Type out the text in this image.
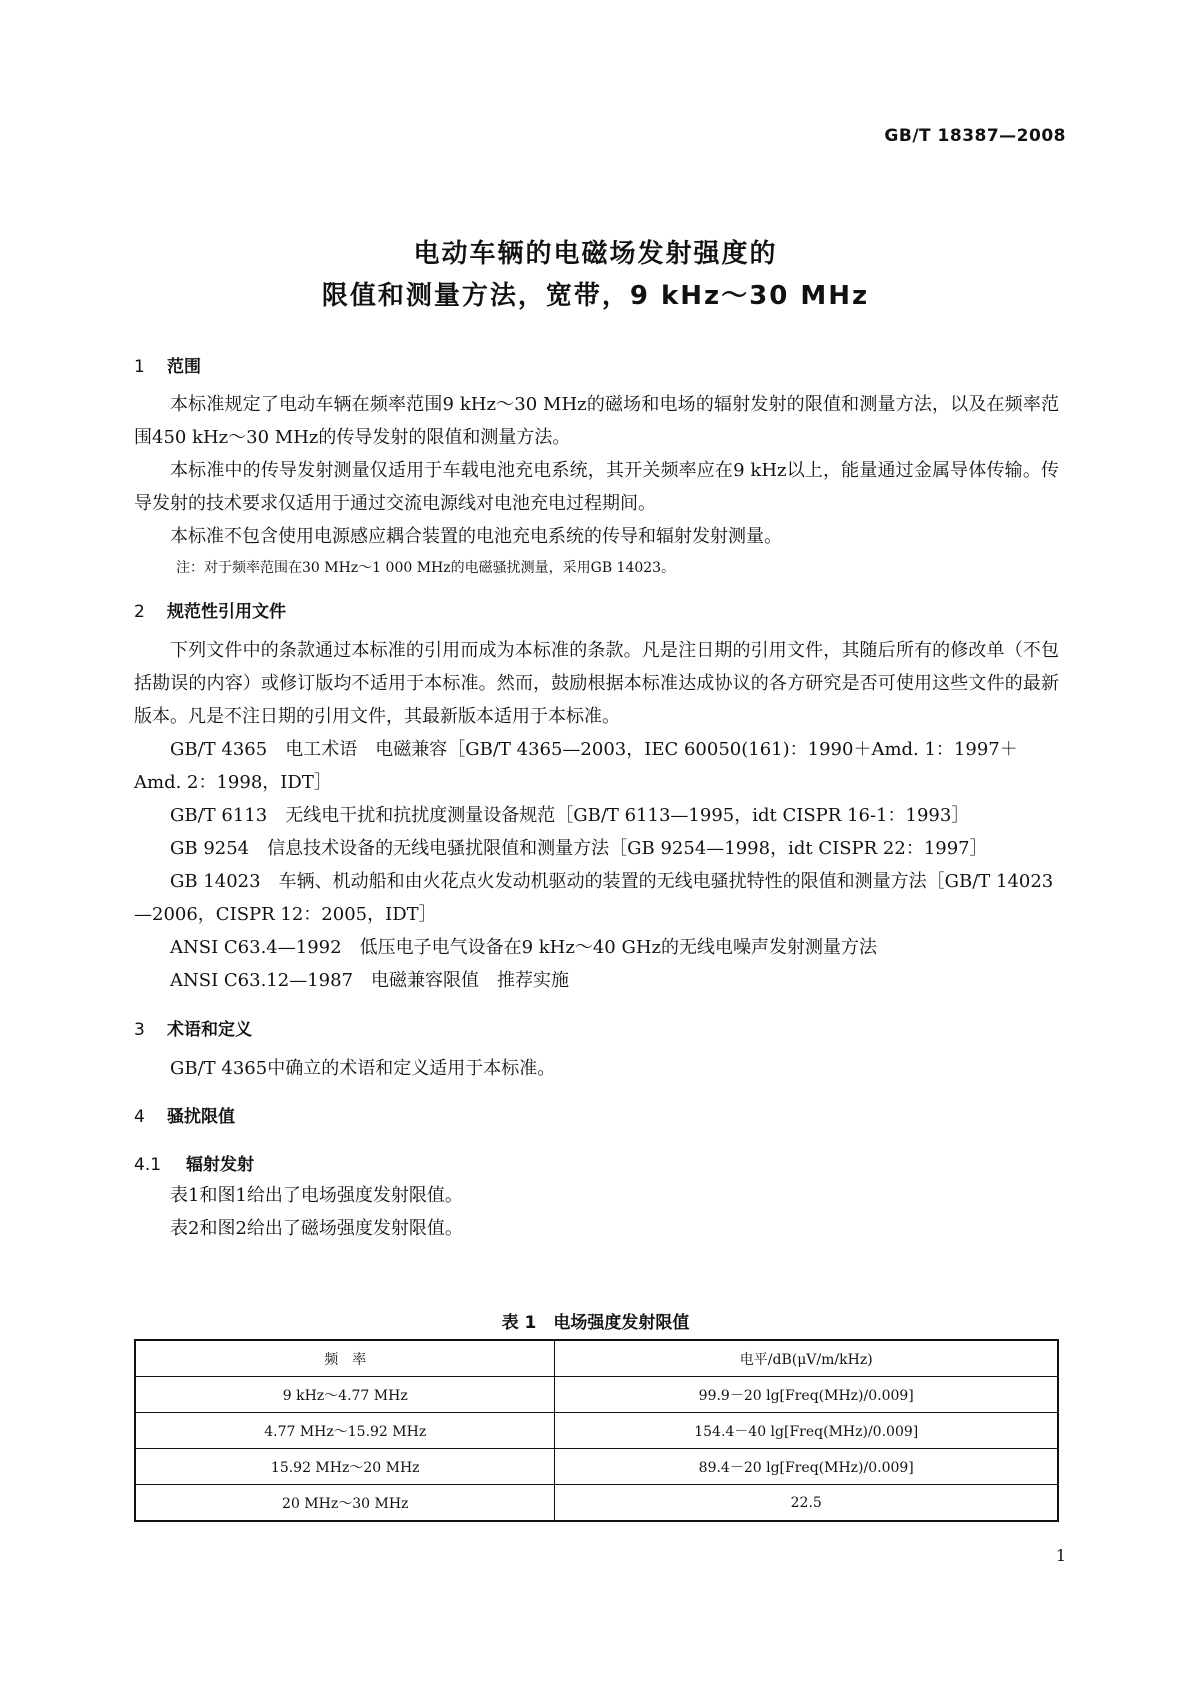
GB/T 18387—2008
电动车辆的电磁场发射强度的
限值和测量方法，宽带，9 kHz～30 MHz
1 范围
本标准规定了电动车辆在频率范围9 kHz～30 MHz的磁场和电场的辐射发射的限值和测量方法，以及在频率范围450 kHz～30 MHz的传导发射的限值和测量方法。
本标准中的传导发射测量仅适用于车载电池充电系统，其开关频率应在9 kHz以上，能量通过金属导体传输。传导发射的技术要求仅适用于通过交流电源线对电池充电过程期间。
本标准不包含使用电源感应耦合装置的电池充电系统的传导和辐射发射测量。
注：对于频率范围在30 MHz～1 000 MHz的电磁骚扰测量，采用GB 14023。
2 规范性引用文件
下列文件中的条款通过本标准的引用而成为本标准的条款。凡是注日期的引用文件，其随后所有的修改单（不包括勘误的内容）或修订版均不适用于本标准。然而，鼓励根据本标准达成协议的各方研究是否可使用这些文件的最新版本。凡是不注日期的引用文件，其最新版本适用于本标准。
GB/T 4365 电工术语　电磁兼容［GB/T 4365—2003，IEC 60050(161)：1990＋Amd. 1：1997＋Amd. 2：1998，IDT］
GB/T 6113 无线电干扰和抗扰度测量设备规范［GB/T 6113—1995，idt CISPR 16-1：1993］
GB 9254 信息技术设备的无线电骚扰限值和测量方法［GB 9254—1998，idt CISPR 22：1997］
GB 14023 车辆、机动船和由火花点火发动机驱动的装置的无线电骚扰特性的限值和测量方法［GB/T 14023—2006，CISPR 12：2005，IDT］
ANSI C63.4—1992 低压电子电气设备在9 kHz～40 GHz的无线电噪声发射测量方法
ANSI C63.12—1987 电磁兼容限值　推荐实施
3 术语和定义
GB/T 4365中确立的术语和定义适用于本标准。
4 骚扰限值
4.1 辐射发射
表1和图1给出了电场强度发射限值。
表2和图2给出了磁场强度发射限值。
表 1　电场强度发射限值
频　率	电平/dB(μV/m/kHz)
9 kHz～4.77 MHz	99.9－20 lg[Freq(MHz)/0.009]
4.77 MHz～15.92 MHz	154.4－40 lg[Freq(MHz)/0.009]
15.92 MHz～20 MHz	89.4－20 lg[Freq(MHz)/0.009]
20 MHz～30 MHz	22.5
1
